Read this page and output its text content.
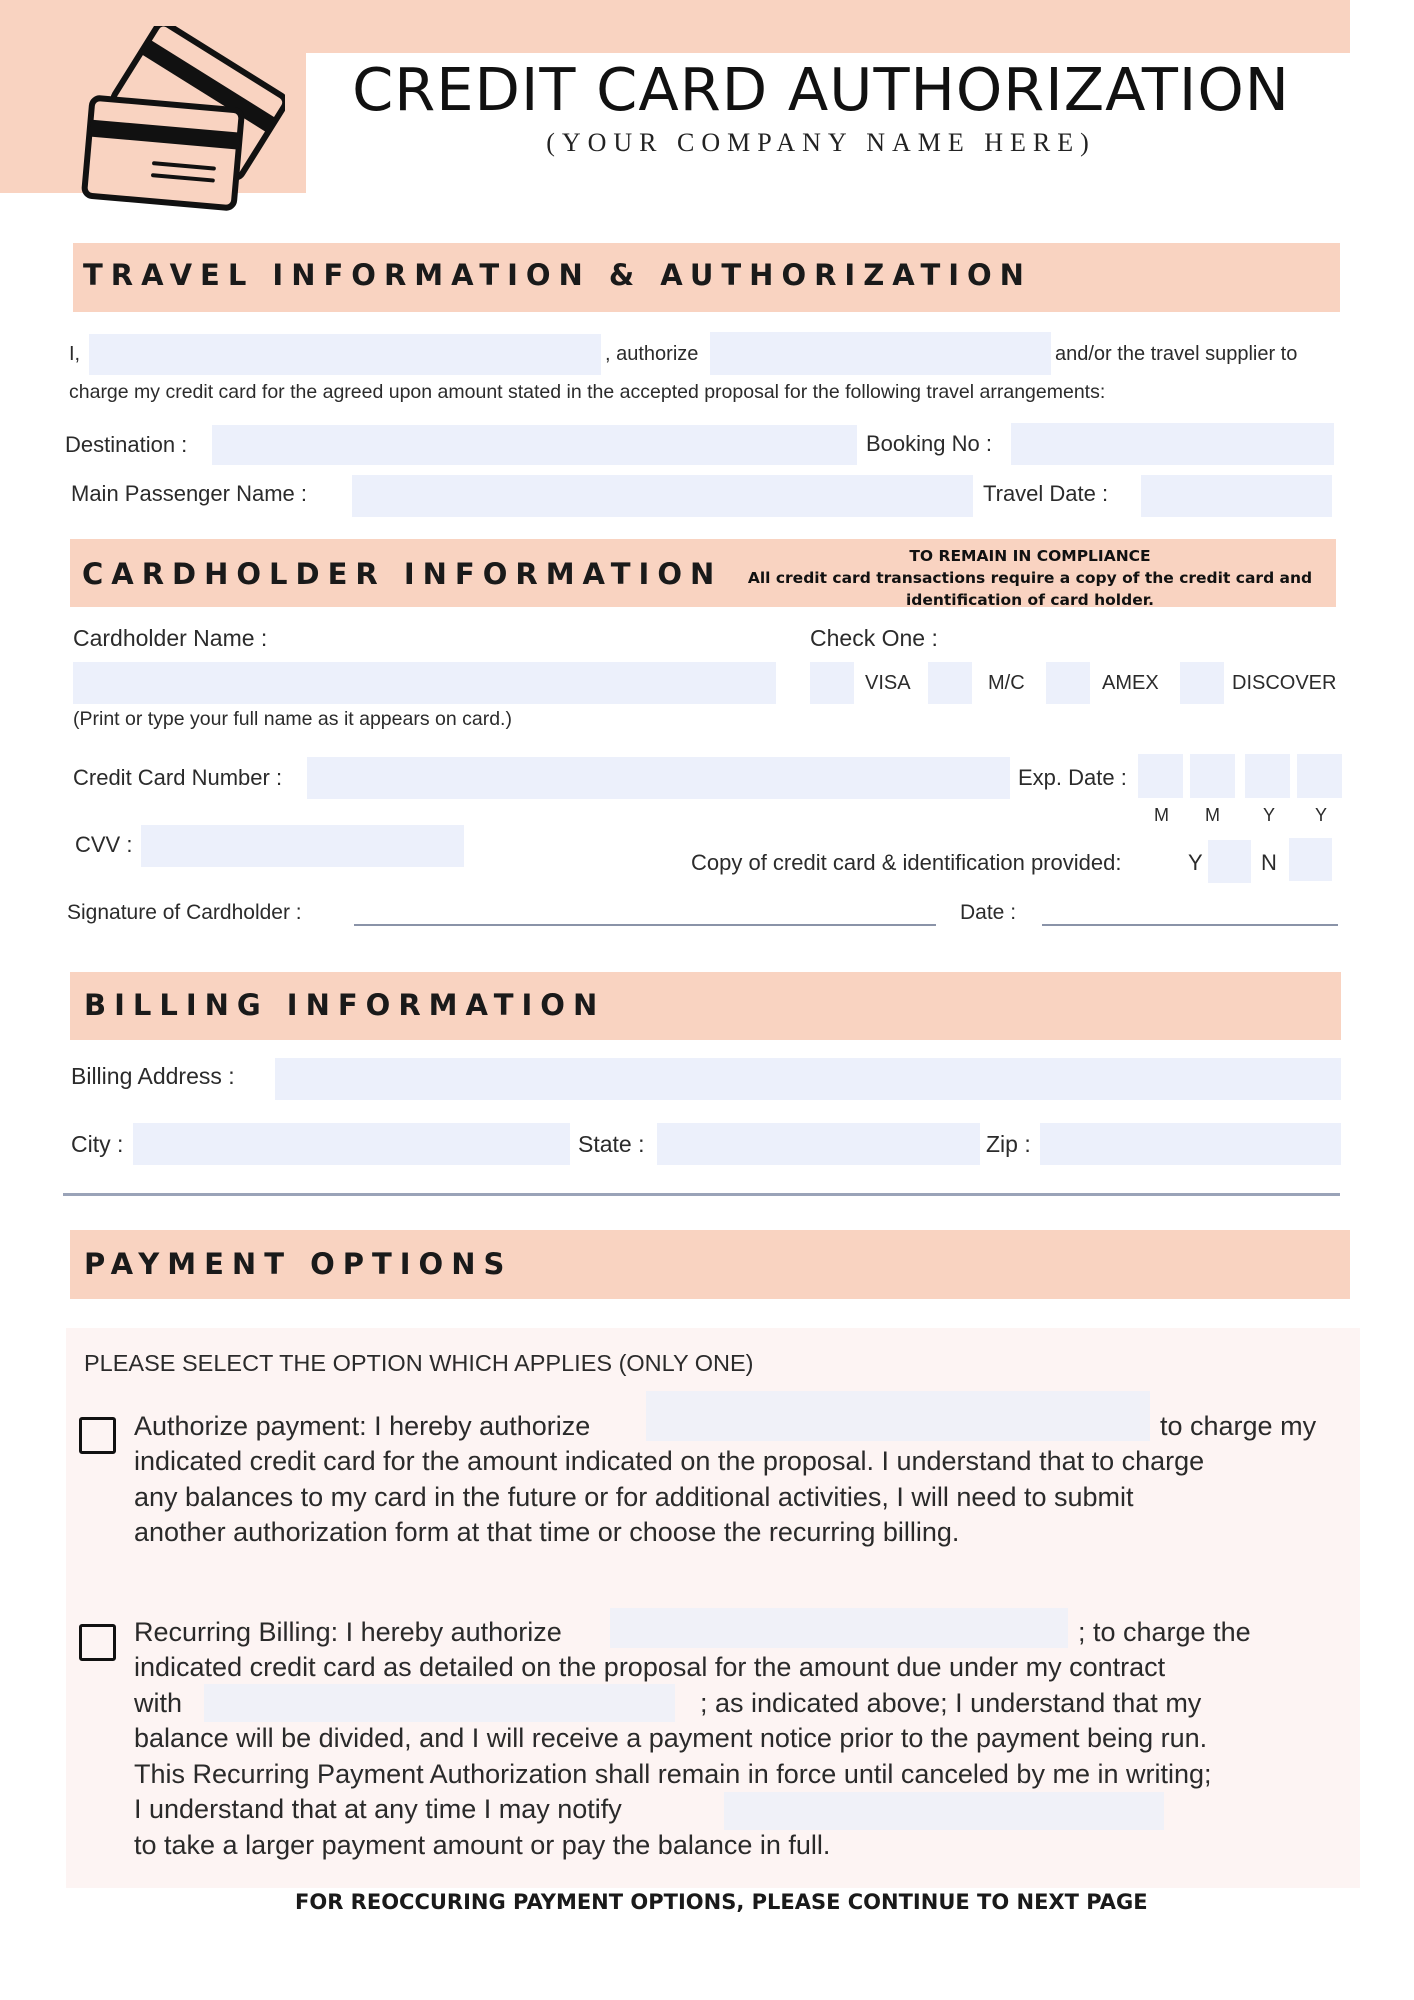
CREDIT CARD AUTHORIZATION
(YOUR COMPANY NAME HERE)
TRAVEL INFORMATION & AUTHORIZATION
I,	, authorize	and/or the travel supplier to
charge my credit card for the agreed upon amount stated in the accepted proposal for the following travel arrangements:
Destination :	Booking No :
Main Passenger Name :	Travel Date :
CARDHOLDER INFORMATION
TO REMAIN IN COMPLIANCE
All credit card transactions require a copy of the credit card and
identification of card holder.
Cardholder Name :	Check One :
VISA	M/C	AMEX	DISCOVER
(Print or type your full name as it appears on card.)
Credit Card Number :	Exp. Date :
M M Y Y
CVV :
Copy of credit card & identification provided:	Y	N
Signature of Cardholder :	Date :
BILLING INFORMATION
Billing Address :
City :	State :	Zip :
PAYMENT OPTIONS
PLEASE SELECT THE OPTION WHICH APPLIES (ONLY ONE)
Authorize payment: I hereby authorize	to charge my
indicated credit card for the amount indicated on the proposal. I understand that to charge
any balances to my card in the future or for additional activities, I will need to submit
another authorization form at that time or choose the recurring billing.
Recurring Billing: I hereby authorize	; to charge the
indicated credit card as detailed on the proposal for the amount due under my contract
with	; as indicated above; I understand that my
balance will be divided, and I will receive a payment notice prior to the payment being run.
This Recurring Payment Authorization shall remain in force until canceled by me in writing;
I understand that at any time I may notify
to take a larger payment amount or pay the balance in full.
FOR REOCCURING PAYMENT OPTIONS, PLEASE CONTINUE TO NEXT PAGE
